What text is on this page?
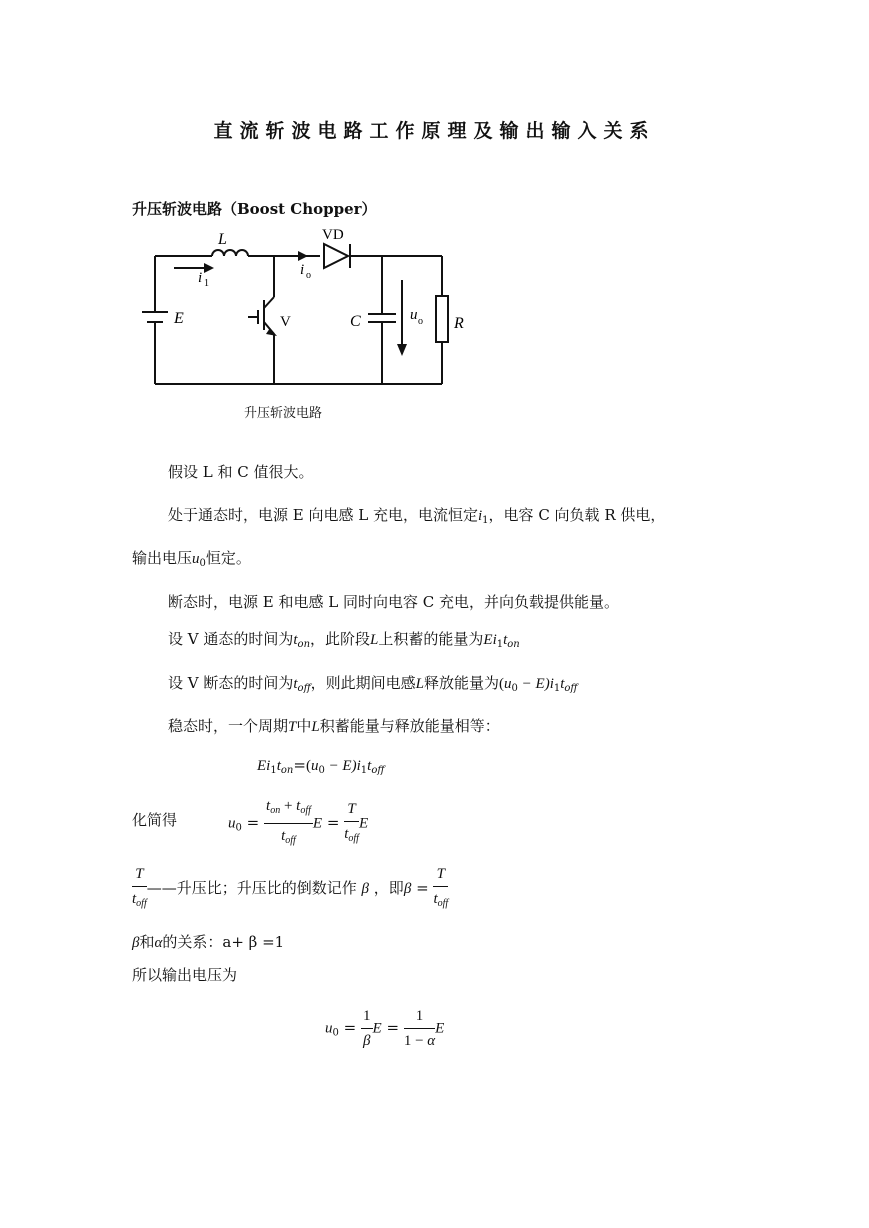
直流斩波电路工作原理及输出输入关系
升压斩波电路（Boost Chopper）
L
i 1
VD
i o
E	V	C	u o R
升压斩波电路
假设 L 和 C 值很大。
处于通态时，电源 E 向电感 L 充电，电流恒定$i_1$，电容 C 向负载 R 供电，
输出电压$u_0$恒定。
断态时，电源 E 和电感 L 同时向电容 C 充电，并向负载提供能量。
设 V 通态的时间为$t_{on}$，此阶段L上积蓄的能量为$Ei_1t_{on}$
设 V 断态的时间为$t_{off}$，则此期间电感L释放能量为$(u_0 - E)i_1t_{off}$
稳态时，一个周期T中L积蓄能量与释放能量相等：
$Ei_1t_{on}=(u_0 - E)i_1t_{off}$
化简得	$u_0 = \frac{t_{on} + t_{off}}{t_{off}}$ $E = \frac{T}{t_{off}}$ E
$\frac{T}{t_{off}}$ ——升压比；升压比的倒数记作 β ，即$\beta = \frac{T}{t_{off}}$
β和α的关系：a+ β =1
所以输出电压为
$u_0 = \frac{1}{\beta}$ $E = \frac{1}{1 - \alpha}$ E
